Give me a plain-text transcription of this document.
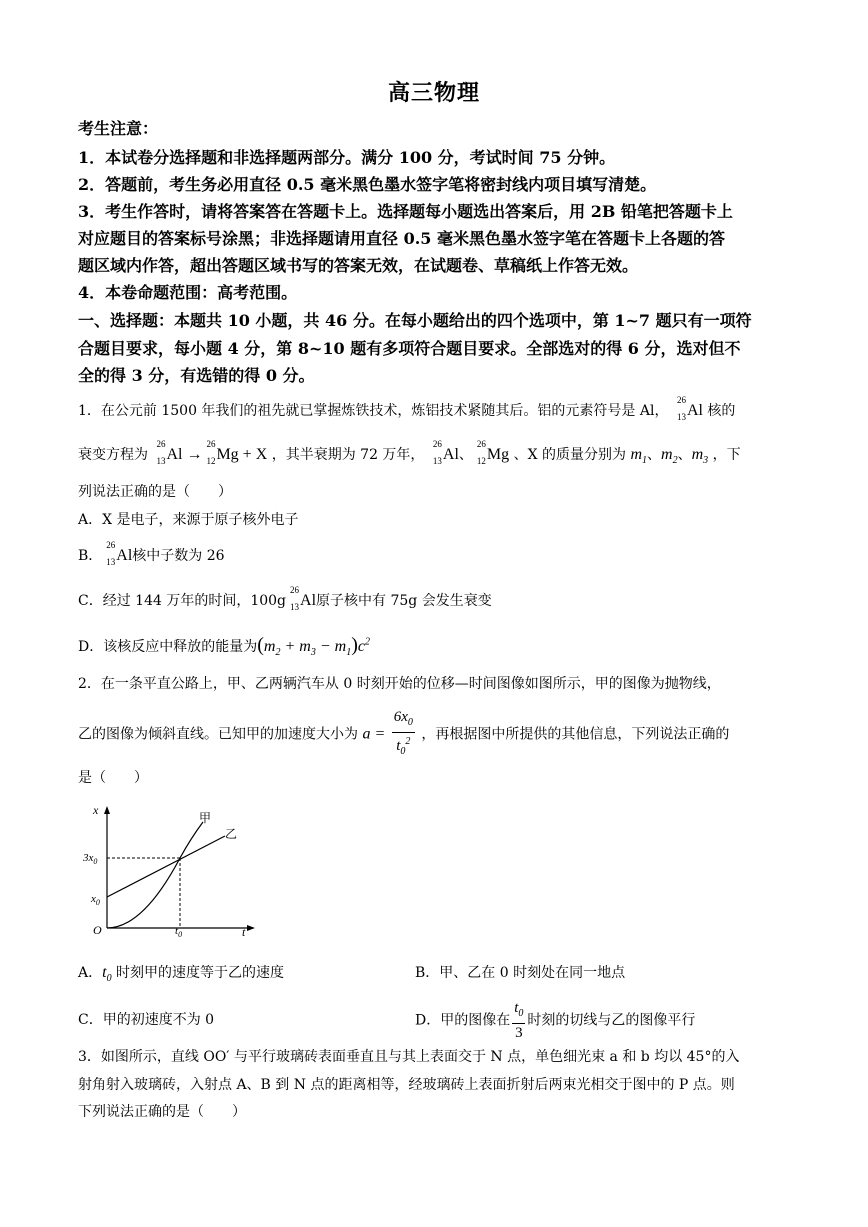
高三物理
考生注意：
1．本试卷分选择题和非选择题两部分。满分 100 分，考试时间 75 分钟。
2．答题前，考生务必用直径 0.5 毫米黑色墨水签字笔将密封线内项目填写清楚。
3．考生作答时，请将答案答在答题卡上。选择题每小题选出答案后，用 2B 铅笔把答题卡上
对应题目的答案标号涂黑；非选择题请用直径 0.5 毫米黑色墨水签字笔在答题卡上各题的答
题区域内作答，超出答题区域书写的答案无效，在试题卷、草稿纸上作答无效。
4．本卷命题范围：高考范围。
一、选择题：本题共 10 小题，共 46 分。在每小题给出的四个选项中，第 1~7 题只有一项符
合题目要求，每小题 4 分，第 8~10 题有多项符合题目要求。全部选对的得 6 分，选对但不
全的得 3 分，有选错的得 0 分。
1．在公元前 1500 年我们的祖先就已掌握炼铁技术，炼铝技术紧随其后。铝的元素符号是 Al，
26
13 Al 核的
衰变方程为
26
13 Al →
26
12 Mg + X ，其半衰期为 72 万年，
26
13 Al、
26
12 Mg 、X 的质量分别为 $m_1$、$m_2$、$m_3$ ，下
列说法正确的是（　　）
A．X 是电子，来源于原子核外电子
B．
26
13 Al核中子数为 26
C．经过 144 万年的时间，100g
26
13 Al原子核中有 75g 会发生衰变
D．该核反应中释放的能量为$(m_2 + m_3 - m_1)c^2$
2．在一条平直公路上，甲、乙两辆汽车从 0 时刻开始的位移—时间图像如图所示，甲的图像为抛物线，
乙的图像为倾斜直线。已知甲的加速度大小为 $a = \frac{6x_0}{t_0^2}$ ，再根据图中所提供的其他信息，下列说法正确的
是（　　）
x
t
O
$3x_0$
$x_0$
$t_0$
甲
乙
A．$t_0$ 时刻甲的速度等于乙的速度	B．甲、乙在 0 时刻处在同一地点
C．甲的初速度不为 0	D．甲的图像在 $\frac{t_0}{3}$ 时刻的切线与乙的图像平行
3．如图所示，直线 OO′ 与平行玻璃砖表面垂直且与其上表面交于 N 点，单色细光束 a 和 b 均以 45°的入
射角射入玻璃砖，入射点 A、B 到 N 点的距离相等，经玻璃砖上表面折射后两束光相交于图中的 P 点。则
下列说法正确的是（　　）
